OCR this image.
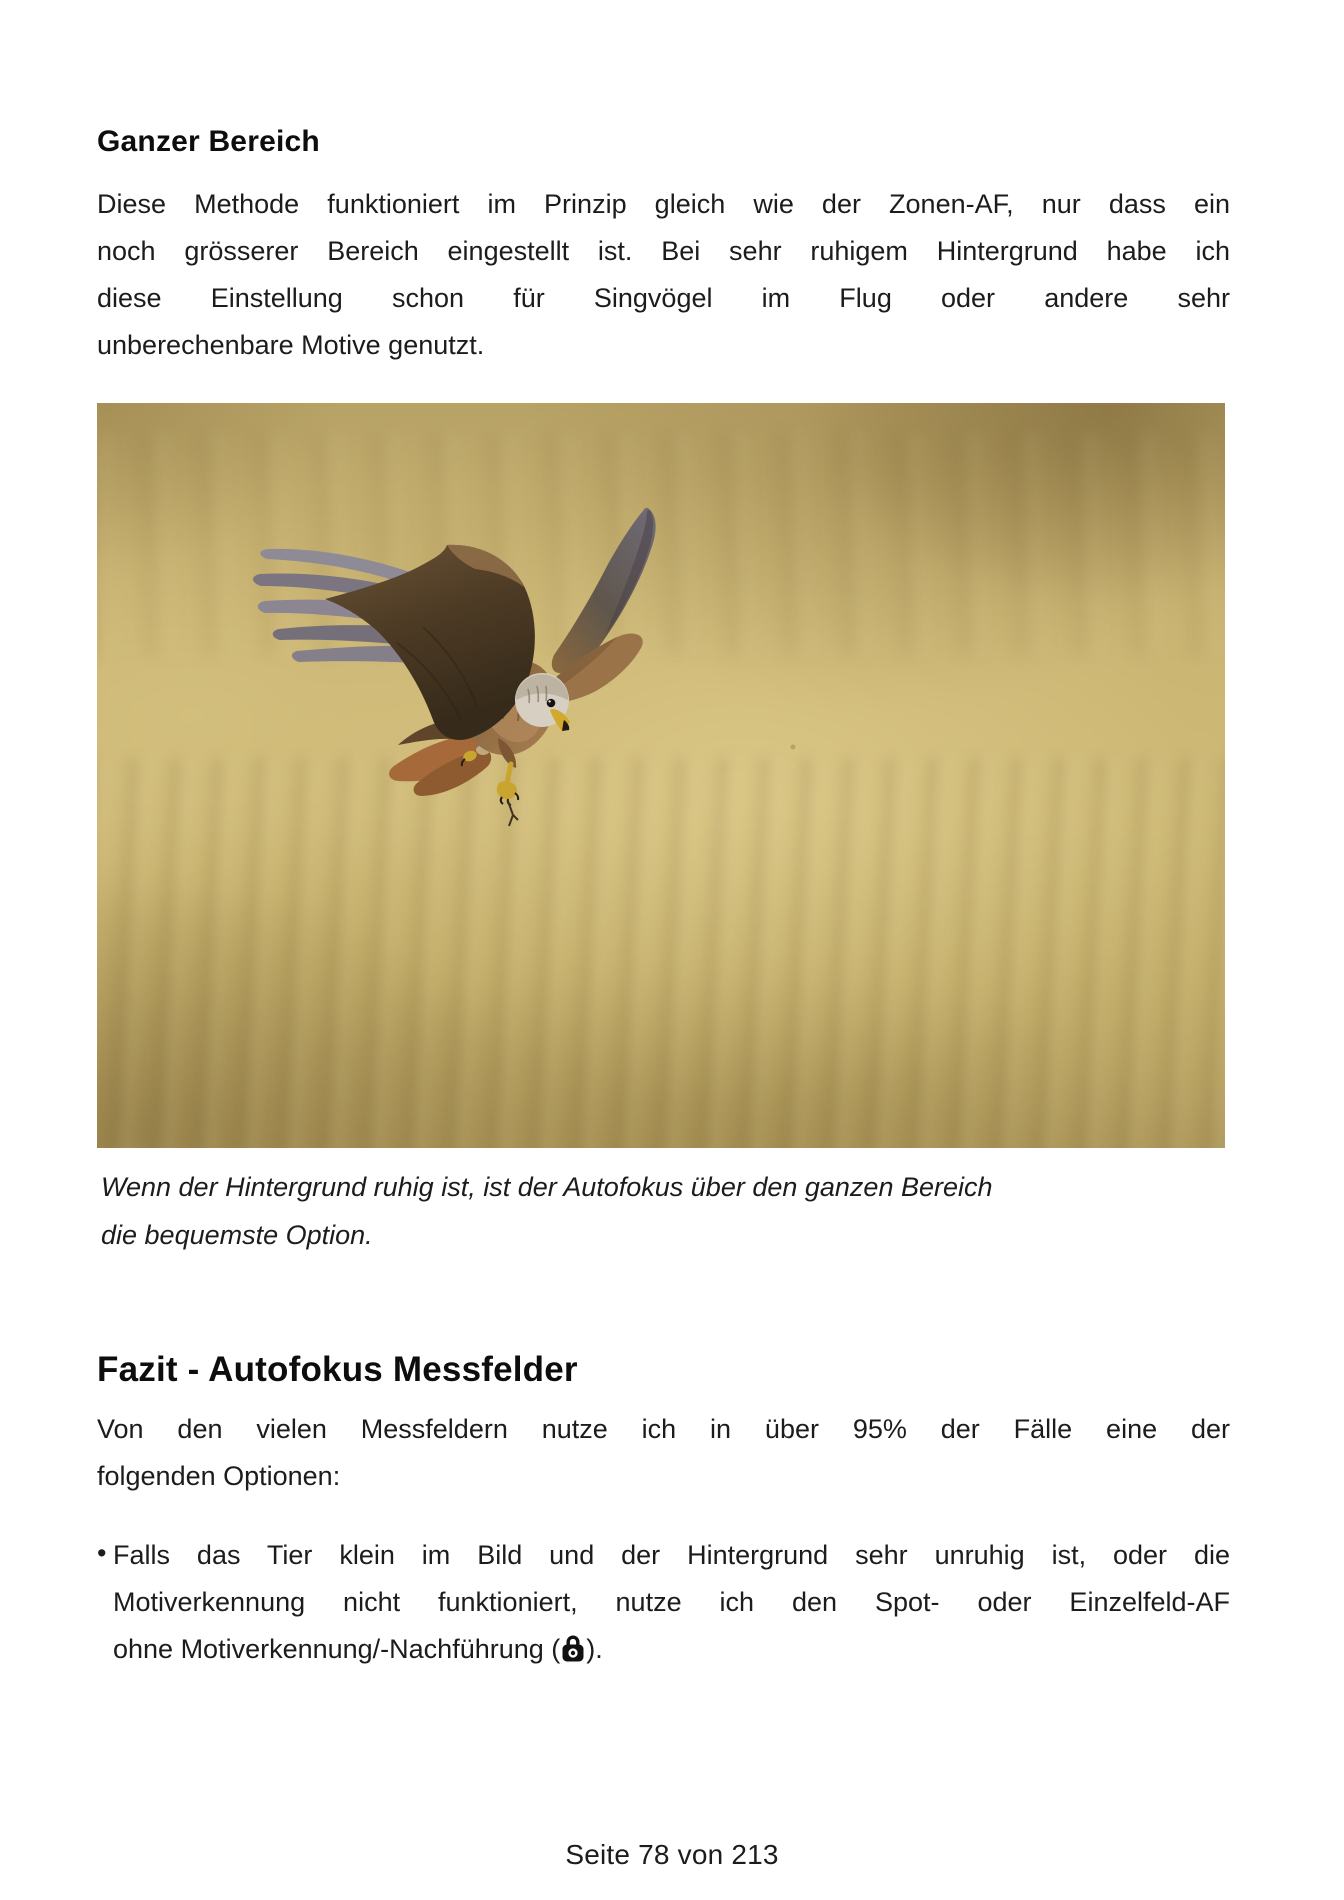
Ganzer Bereich
Diese Methode funktioniert im Prinzip gleich wie der Zonen-AF, nur dass ein
noch grösserer Bereich eingestellt ist. Bei sehr ruhigem Hintergrund habe ich
diese Einstellung schon für Singvögel im Flug oder andere sehr
unberechenbare Motive genutzt.
Wenn der Hintergrund ruhig ist, ist der Autofokus über den ganzen Bereich
die bequemste Option.
Fazit - Autofokus Messfelder
Von den vielen Messfeldern nutze ich in über 95% der Fälle eine der
folgenden Optionen:
• Falls das Tier klein im Bild und der Hintergrund sehr unruhig ist, oder die
Motiverkennung nicht funktioniert, nutze ich den Spot- oder Einzelfeld-AF
ohne Motiverkennung/-Nachführung ( ).
Seite 78 von 213
